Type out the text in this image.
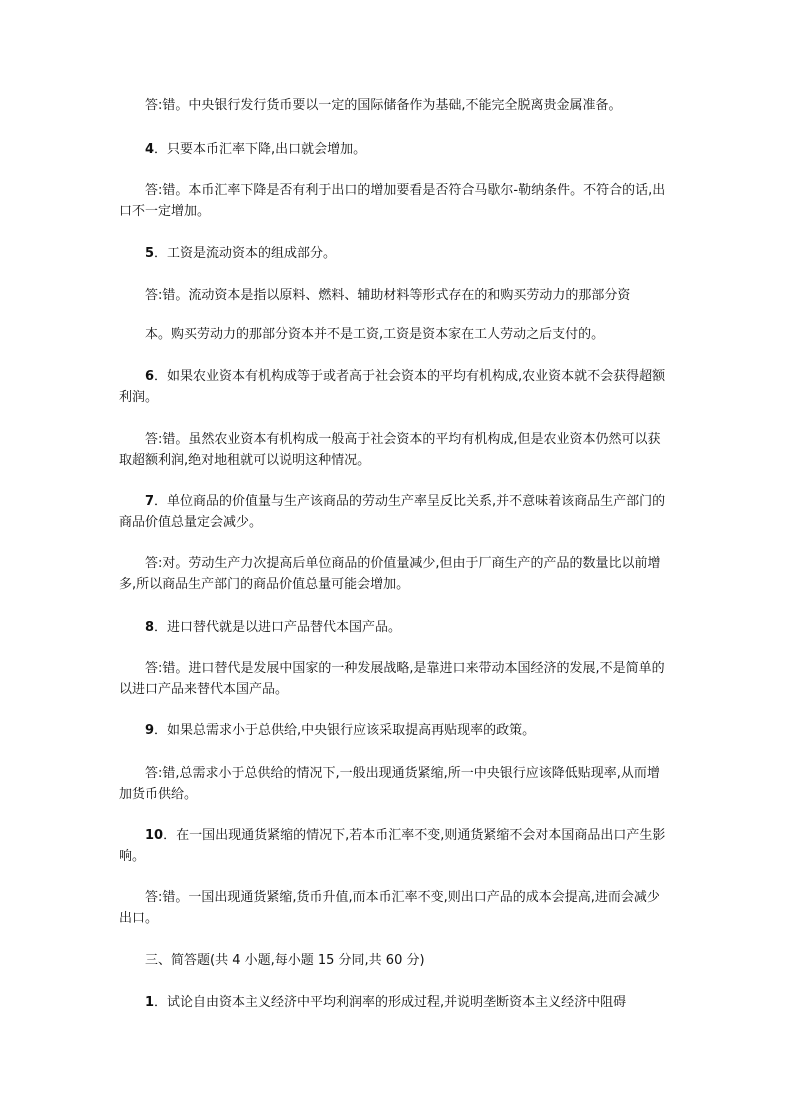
答:错。中央银行发行货币要以一定的国际储备作为基础,不能完全脱离贵金属准备。

4．只要本币汇率下降,出口就会增加。

答:错。本币汇率下降是否有利于出口的增加要看是否符合马歇尔-勒纳条件。不符合的话,出口不一定增加。

5．工资是流动资本的组成部分。

答:错。流动资本是指以原料、燃料、辅助材料等形式存在的和购买劳动力的那部分资

本。购买劳动力的那部分资本并不是工资,工资是资本家在工人劳动之后支付的。

6．如果农业资本有机构成等于或者高于社会资本的平均有机构成,农业资本就不会获得超额利润。

答:错。虽然农业资本有机构成一般高于社会资本的平均有机构成,但是农业资本仍然可以获取超额利润,绝对地租就可以说明这种情况。

7．单位商品的价值量与生产该商品的劳动生产率呈反比关系,并不意味着该商品生产部门的商品价值总量定会减少。

答:对。劳动生产力次提高后单位商品的价值量减少,但由于厂商生产的产品的数量比以前增多,所以商品生产部门的商品价值总量可能会增加。

8．进口替代就是以进口产品替代本国产品。

答:错。进口替代是发展中国家的一种发展战略,是靠进口来带动本国经济的发展,不是简单的以进口产品来替代本国产品。

9．如果总需求小于总供给,中央银行应该采取提高再贴现率的政策。

答:错,总需求小于总供给的情况下,一般出现通货紧缩,所一中央银行应该降低贴现率,从而增加货币供给。

10．在一国出现通货紧缩的情况下,若本币汇率不变,则通货紧缩不会对本国商品出口产生影响。

答:错。一国出现通货紧缩,货币升值,而本币汇率不变,则出口产品的成本会提高,进而会减少出口。

三、简答题(共 4 小题,每小题 15 分同,共 60 分)

1．试论自由资本主义经济中平均利润率的形成过程,并说明垄断资本主义经济中阻碍
